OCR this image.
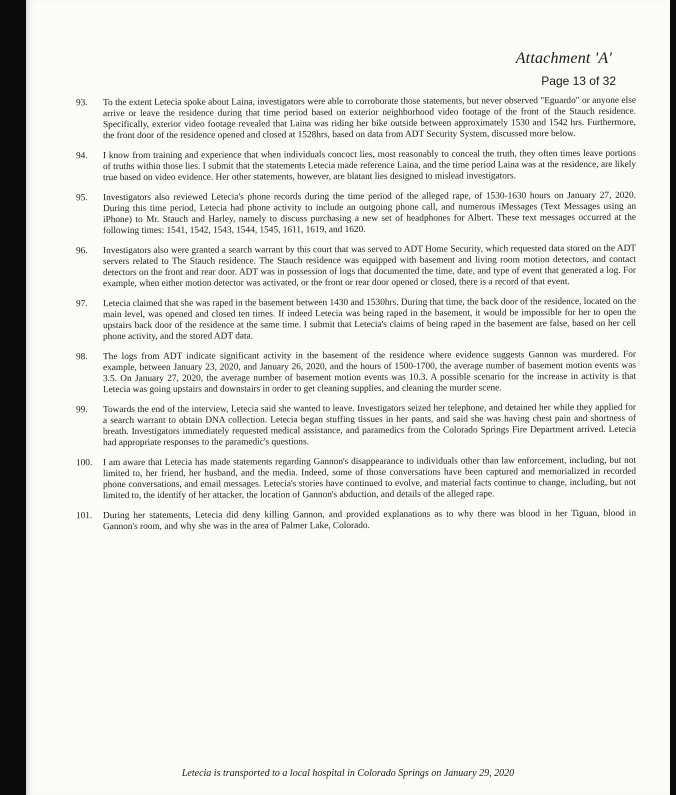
Attachment 'A'
Page 13 of 32
93.	To the extent Letecia spoke about Laina, investigators were able to corroborate those statements, but never observed "Eguardo" or anyone else arrive or leave the residence during that time period based on exterior neighborhood video footage of the front of the Stauch residence. Specifically, exterior video footage revealed that Laina was riding her bike outside between approximately 1530 and 1542 hrs. Furthermore, the front door of the residence opened and closed at 1528hrs, based on data from ADT Security System, discussed more below.
94.	I know from training and experience that when individuals concoct lies, most reasonably to conceal the truth, they often times leave portions of truths within those lies. I submit that the statements Letecia made reference Laina, and the time period Laina was at the residence, are likely true based on video evidence. Her other statements, however, are blatant lies designed to mislead investigators.
95.	Investigators also reviewed Letecia's phone records during the time period of the alleged rape, of 1530-1630 hours on January 27, 2020. During this time period, Letecia had phone activity to include an outgoing phone call, and numerous iMessages (Text Messages using an iPhone) to Mr. Stauch and Harley, namely to discuss purchasing a new set of headphones for Albert. These text messages occurred at the following times: 1541, 1542, 1543, 1544, 1545, 1611, 1619, and 1620.
96.	Investigators also were granted a search warrant by this court that was served to ADT Home Security, which requested data stored on the ADT servers related to The Stauch residence. The Stauch residence was equipped with basement and living room motion detectors, and contact detectors on the front and rear door. ADT was in possession of logs that documented the time, date, and type of event that generated a log. For example, when either motion detector was activated, or the front or rear door opened or closed, there is a record of that event.
97.	Letecia claimed that she was raped in the basement between 1430 and 1530hrs. During that time, the back door of the residence, located on the main level, was opened and closed ten times. If indeed Letecia was being raped in the basement, it would be impossible for her to open the upstairs back door of the residence at the same time. I submit that Letecia's claims of being raped in the basement are false, based on her cell phone activity, and the stored ADT data.
98.	The logs from ADT indicate significant activity in the basement of the residence where evidence suggests Gannon was murdered. For example, between January 23, 2020, and January 26, 2020, and the hours of 1500-1700, the average number of basement motion events was 3.5. On January 27, 2020, the average number of basement motion events was 10.3. A possible scenario for the increase in activity is that Letecia was going upstairs and downstairs in order to get cleaning supplies, and cleaning the murder scene.
99.	Towards the end of the interview, Letecia said she wanted to leave. Investigators seized her telephone, and detained her while they applied for a search warrant to obtain DNA collection. Letecia began stuffing tissues in her pants, and said she was having chest pain and shortness of breath. Investigators immediately requested medical assistance, and paramedics from the Colorado Springs Fire Department arrived. Letecia had appropriate responses to the paramedic's questions.
100.	I am aware that Letecia has made statements regarding Gannon's disappearance to individuals other than law enforcement, including, but not limited to, her friend, her husband, and the media. Indeed, some of those conversations have been captured and memorialized in recorded phone conversations, and email messages. Letecia's stories have continued to evolve, and material facts continue to change, including, but not limited to, the identify of her attacker, the location of Gannon's abduction, and details of the alleged rape.
101.	During her statements, Letecia did deny killing Gannon, and provided explanations as to why there was blood in her Tiguan, blood in Gannon's room, and why she was in the area of Palmer Lake, Colorado.
Letecia is transported to a local hospital in Colorado Springs on January 29, 2020
